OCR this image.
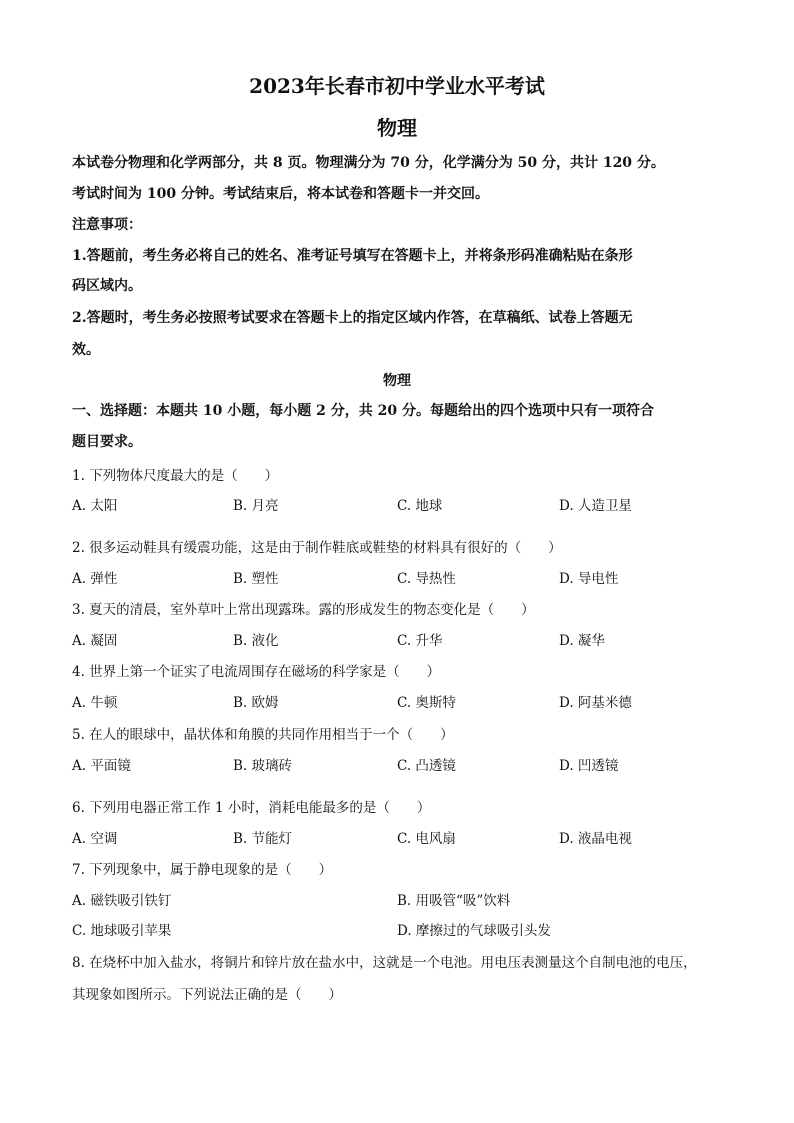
2023年长春市初中学业水平考试
物理
本试卷分物理和化学两部分，共 8 页。物理满分为 70 分，化学满分为 50 分，共计 120 分。
考试时间为 100 分钟。考试结束后，将本试卷和答题卡一并交回。
注意事项：
1.答题前，考生务必将自己的姓名、准考证号填写在答题卡上，并将条形码准确粘贴在条形
码区域内。
2.答题时，考生务必按照考试要求在答题卡上的指定区域内作答，在草稿纸、试卷上答题无
效。
物理
一、选择题：本题共 10 小题，每小题 2 分，共 20 分。每题给出的四个选项中只有一项符合
题目要求。
1. 下列物体尺度最大的是（　　）
A. 太阳	B. 月亮	C. 地球	D. 人造卫星
2. 很多运动鞋具有缓震功能，这是由于制作鞋底或鞋垫的材料具有很好的（　　）
A. 弹性	B. 塑性	C. 导热性	D. 导电性
3. 夏天的清晨，室外草叶上常出现露珠。露的形成发生的物态变化是（　　）
A. 凝固	B. 液化	C. 升华	D. 凝华
4. 世界上第一个证实了电流周围存在磁场的科学家是（　　）
A. 牛顿	B. 欧姆	C. 奥斯特	D. 阿基米德
5. 在人的眼球中，晶状体和角膜的共同作用相当于一个（　　）
A. 平面镜	B. 玻璃砖	C. 凸透镜	D. 凹透镜
6. 下列用电器正常工作 1 小时，消耗电能最多的是（　　）
A. 空调	B. 节能灯	C. 电风扇	D. 液晶电视
7. 下列现象中，属于静电现象的是（　　）
A. 磁铁吸引铁钉	B. 用吸管“吸”饮料
C. 地球吸引苹果	D. 摩擦过的气球吸引头发
8. 在烧杯中加入盐水，将铜片和锌片放在盐水中，这就是一个电池。用电压表测量这个自制电池的电压，
其现象如图所示。下列说法正确的是（　　）
